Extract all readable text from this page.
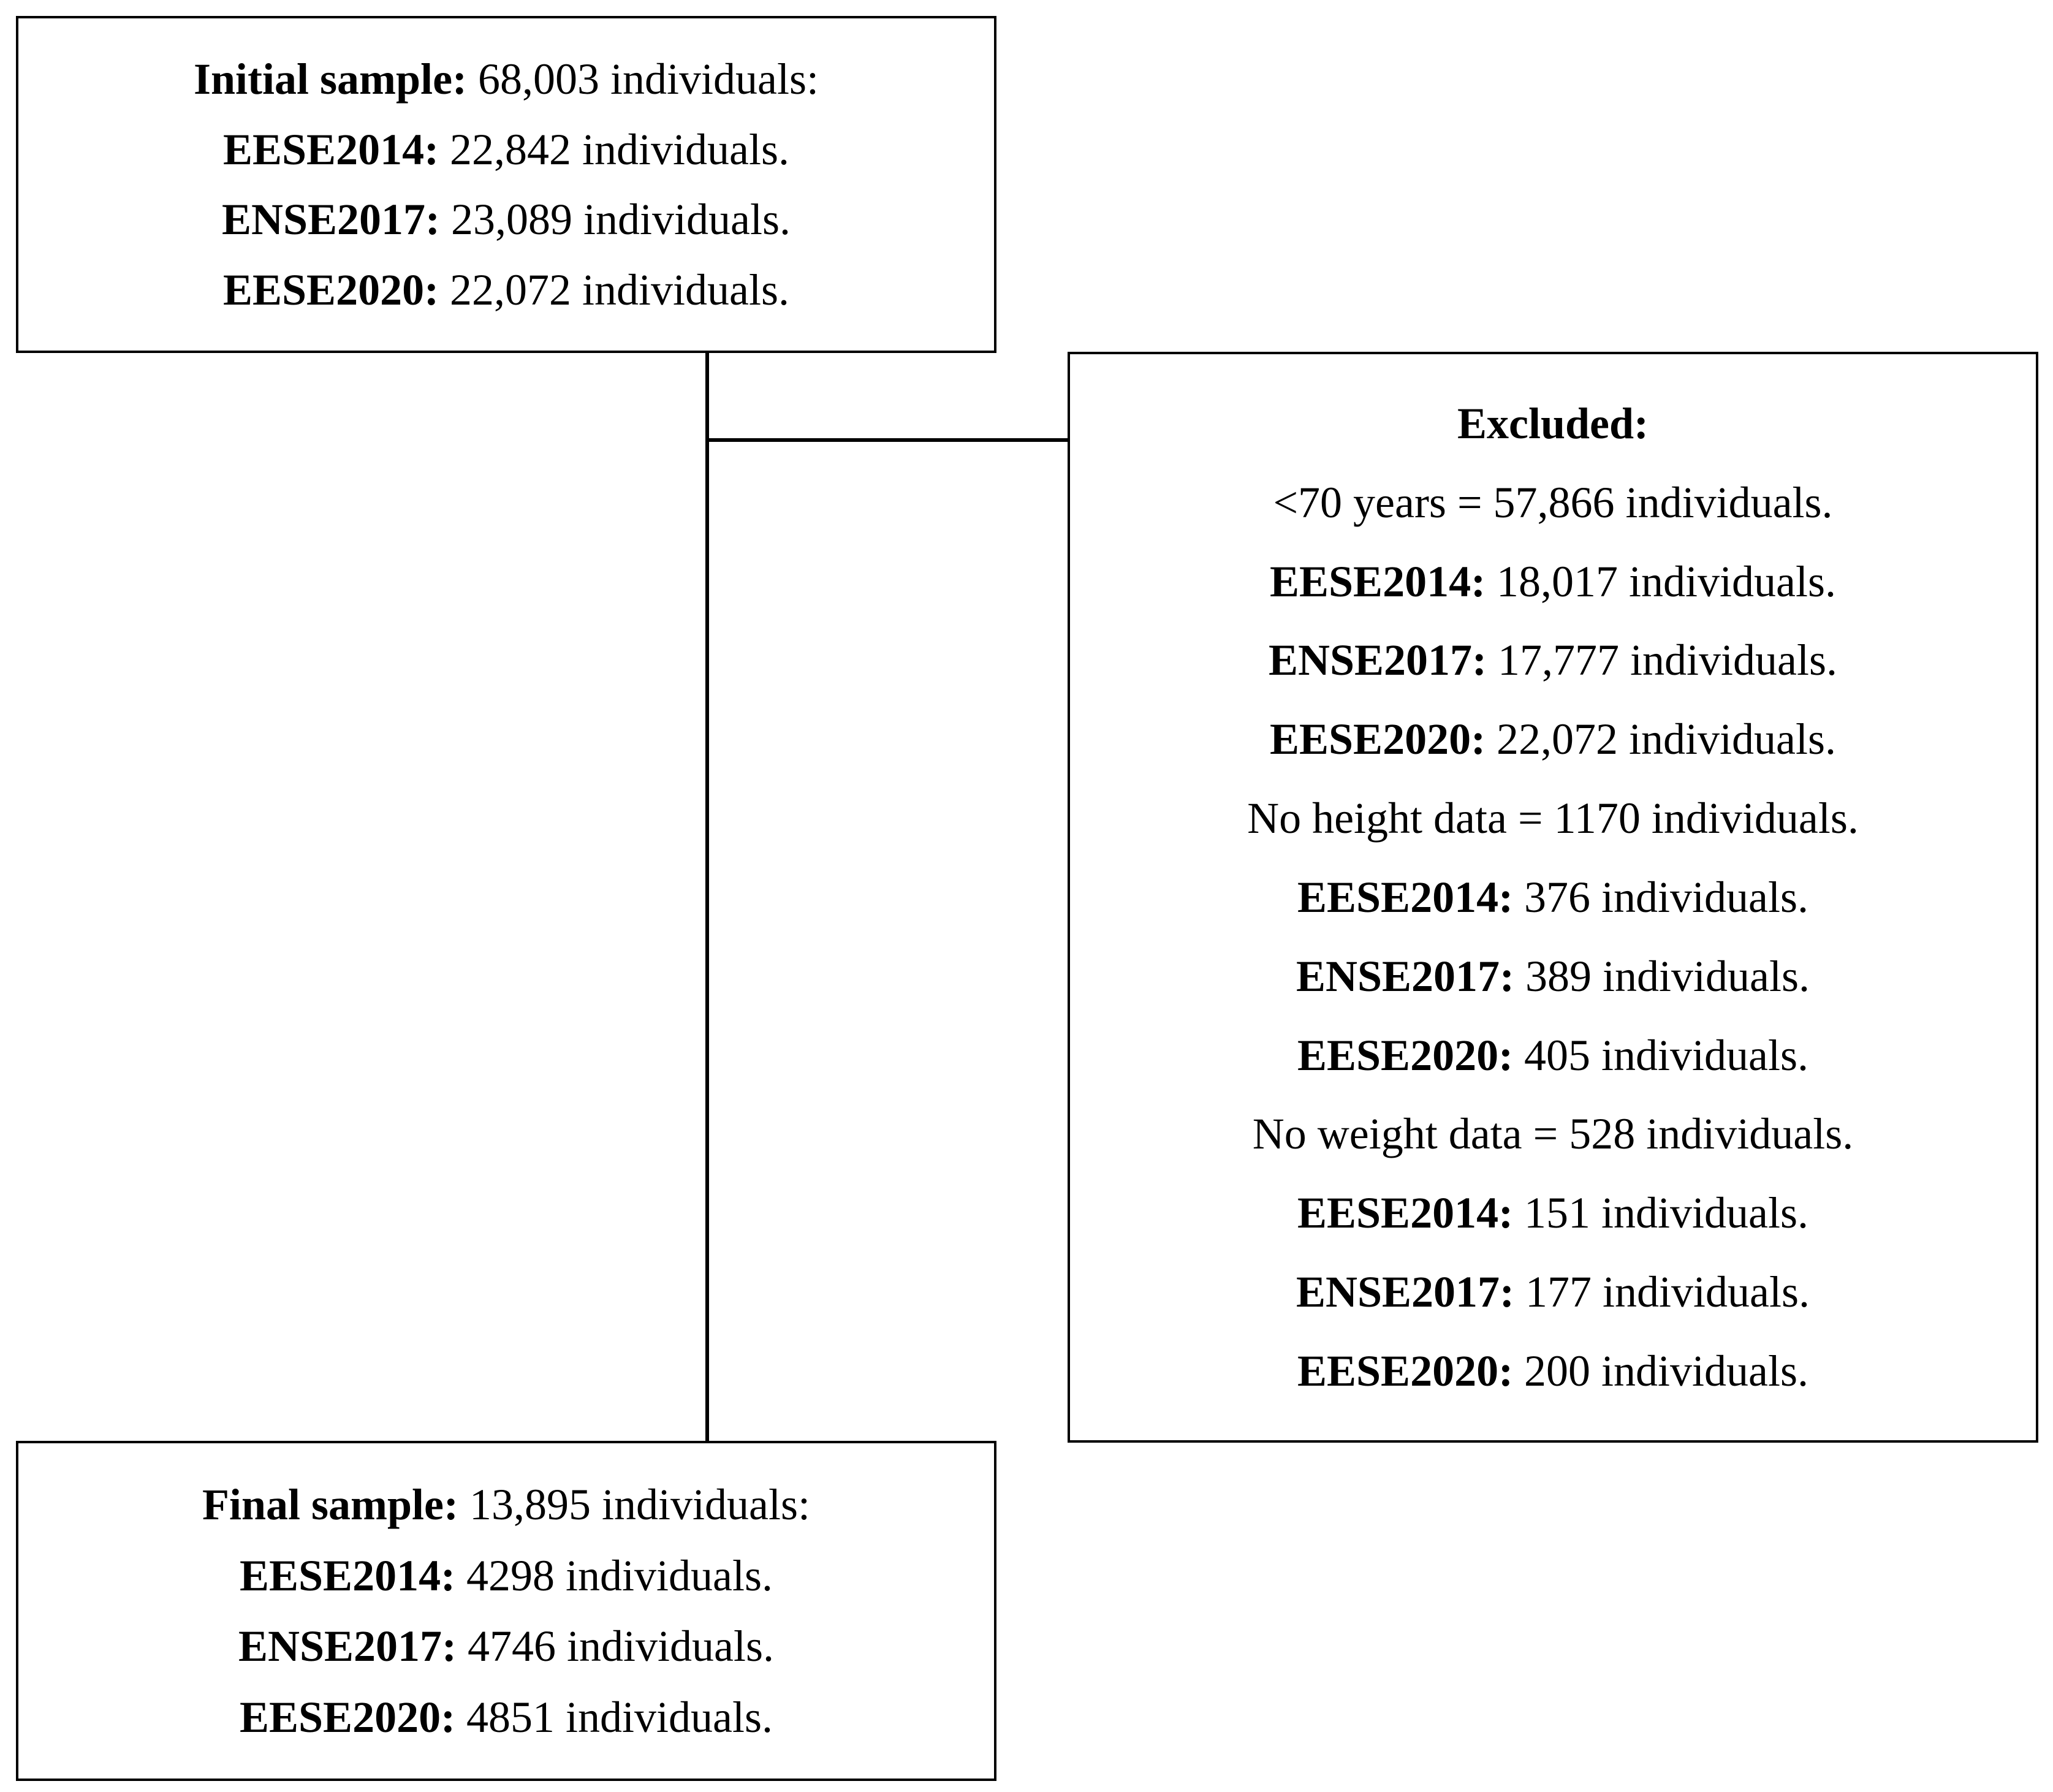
Initial sample: 68,003 individuals:
EESE2014: 22,842 individuals.
ENSE2017: 23,089 individuals.
EESE2020: 22,072 individuals.
Excluded:
<70 years = 57,866 individuals.
EESE2014: 18,017 individuals.
ENSE2017: 17,777 individuals.
EESE2020: 22,072 individuals.
No height data = 1170 individuals.
EESE2014: 376 individuals.
ENSE2017: 389 individuals.
EESE2020: 405 individuals.
No weight data = 528 individuals.
EESE2014: 151 individuals.
ENSE2017: 177 individuals.
EESE2020: 200 individuals.
Final sample: 13,895 individuals:
EESE2014: 4298 individuals.
ENSE2017: 4746 individuals.
EESE2020: 4851 individuals.
